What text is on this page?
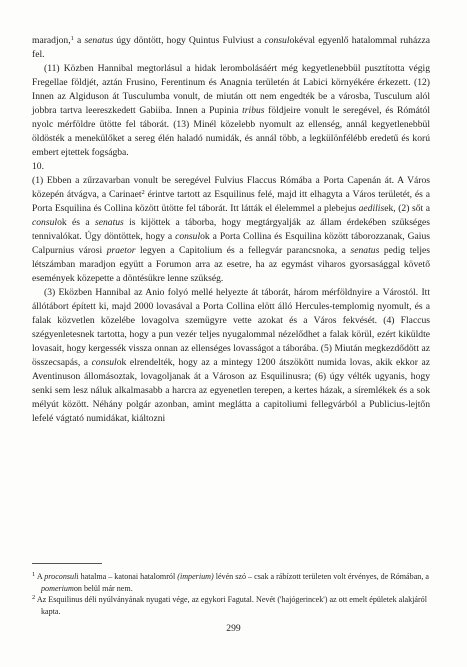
maradjon,$^1$ a senatus úgy döntött, hogy Quintus Fulviust a consulokéval egyenlő hatalommal ruházza fel.

(11) Közben Hannibal megtorlásul a hidak lerombolásáért még kegyetlenebbül pusztította végig Fregellae földjét, aztán Frusino, Ferentinum és Anagnia területén át Labici környékére érkezett. (12) Innen az Algiduson át Tusculumba vonult, de miután ott nem engedték be a városba, Tusculum alól jobbra tartva leereszkedett Gabiiba. Innen a Pupinia tribus földjeire vonult le seregével, és Rómától nyolc mérföldre ütötte fel táborát. (13) Minél közelebb nyomult az ellenség, annál kegyetlenebbül öldösték a menekülőket a sereg élén haladó numidák, és annál több, a legkülönfélébb eredetű és korú embert ejtettek fogságba.

10.

(1) Ebben a zűrzavarban vonult be seregével Fulvius Flaccus Rómába a Porta Capenán át. A Város közepén átvágva, a Carinaet$^2$ érintve tartott az Esquilinus felé, majd itt elhagyta a Város területét, és a Porta Esquilina és Collina között ütötte fel táborát. Itt látták el élelemmel a plebejus aedilisek, (2) sőt a consulok és a senatus is kijöttek a táborba, hogy megtárgyalják az állam érdekében szükséges tennivalókat. Úgy döntöttek, hogy a consulok a Porta Collina és Esquilina között táborozzanak, Gaius Calpurnius városi praetor legyen a Capitolium és a fellegvár parancsnoka, a senatus pedig teljes létszámban maradjon együtt a Forumon arra az esetre, ha az egymást viharos gyorsasággal követő események közepette a döntésükre lenne szükség.

(3) Eközben Hannibal az Anio folyó mellé helyezte át táborát, három mérföldnyire a Várostól. Itt állótábort épített ki, majd 2000 lovasával a Porta Collina elött álló Hercules-templomig nyomult, és a falak közvetlen közelébe lovagolva szemügyre vette azokat és a Város fekvését. (4) Flaccus szégyenletesnek tartotta, hogy a pun vezér teljes nyugalommal nézelődhet a falak körül, ezért kiküldte lovasait, hogy kergessék vissza onnan az ellenséges lovasságot a táborába. (5) Miután megkezdődött az összecsapás, a consulok elrendelték, hogy az a mintegy 1200 átszökött numida lovas, akik ekkor az Aventinuson állomásoztak, lovagoljanak át a Városon az Esquilinusra; (6) úgy vélték ugyanis, hogy senki sem lesz náluk alkalmasabb a harcra az egyenetlen terepen, a kertes házak, a síremlékek és a sok mélyút között. Néhány polgár azonban, amint meglátta a capitoliumi fellegvárból a Publicius-lejtőn lefelé vágtató numidákat, kiáltozni

$^1$ A proconsuli hatalma – katonai hatalomról (imperium) lévén szó – csak a rábízott területen volt érvényes, de Rómában, a pomeriumon belül már nem.

$^2$ Az Esquilinus déli nyúlványának nyugati vége, az egykori Fagutal. Nevét ('hajógerincek') az ott emelt épületek alakjáról kapta.

299
